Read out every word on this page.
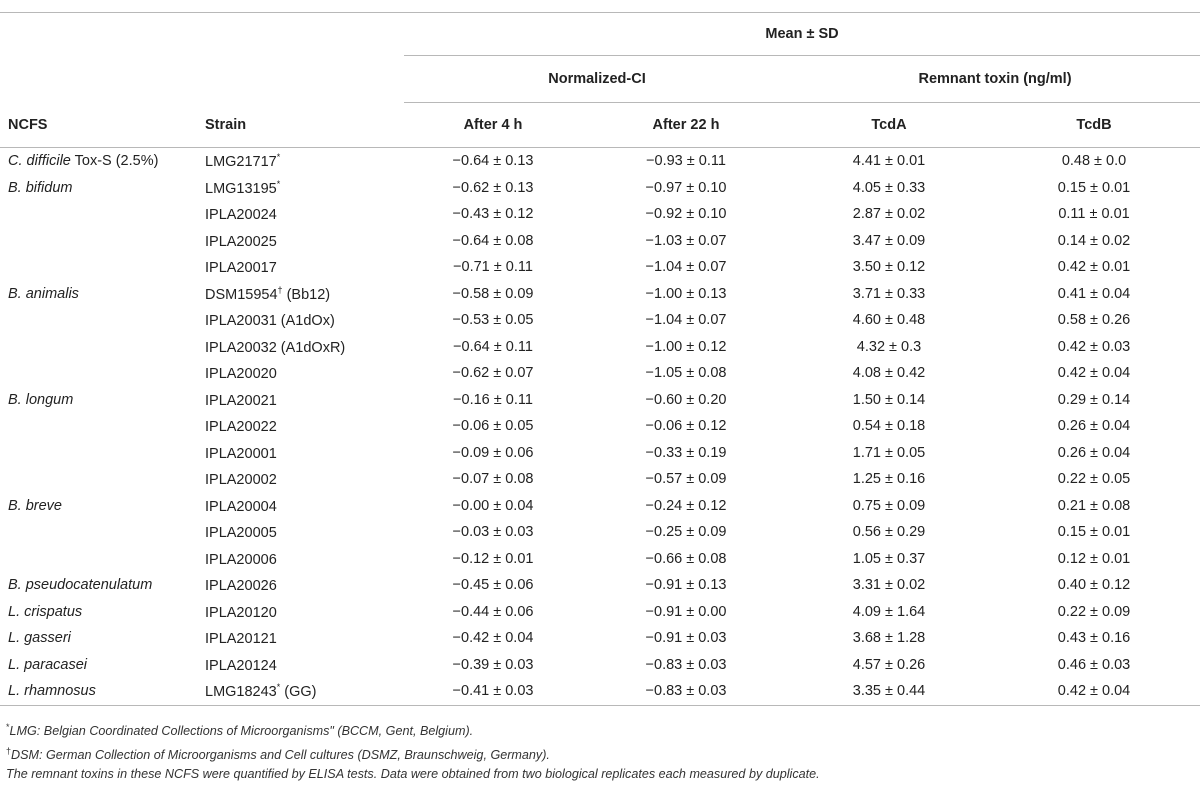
		Mean ± SD			
		Normalized-CI		Remnant toxin (ng/ml)	
NCFS	Strain	After 4 h	After 22 h	TcdA	TcdB
C. difficile Tox-S (2.5%)	LMG21717*	−0.64 ± 0.13	−0.93 ± 0.11	4.41 ± 0.01	0.48 ± 0.0
B. bifidum	LMG13195*	−0.62 ± 0.13	−0.97 ± 0.10	4.05 ± 0.33	0.15 ± 0.01
	IPLA20024	−0.43 ± 0.12	−0.92 ± 0.10	2.87 ± 0.02	0.11 ± 0.01
	IPLA20025	−0.64 ± 0.08	−1.03 ± 0.07	3.47 ± 0.09	0.14 ± 0.02
	IPLA20017	−0.71 ± 0.11	−1.04 ± 0.07	3.50 ± 0.12	0.42 ± 0.01
B. animalis	DSM15954† (Bb12)	−0.58 ± 0.09	−1.00 ± 0.13	3.71 ± 0.33	0.41 ± 0.04
	IPLA20031 (A1dOx)	−0.53 ± 0.05	−1.04 ± 0.07	4.60 ± 0.48	0.58 ± 0.26
	IPLA20032 (A1dOxR)	−0.64 ± 0.11	−1.00 ± 0.12	4.32 ± 0.3	0.42 ± 0.03
	IPLA20020	−0.62 ± 0.07	−1.05 ± 0.08	4.08 ± 0.42	0.42 ± 0.04
B. longum	IPLA20021	−0.16 ± 0.11	−0.60 ± 0.20	1.50 ± 0.14	0.29 ± 0.14
	IPLA20022	−0.06 ± 0.05	−0.06 ± 0.12	0.54 ± 0.18	0.26 ± 0.04
	IPLA20001	−0.09 ± 0.06	−0.33 ± 0.19	1.71 ± 0.05	0.26 ± 0.04
	IPLA20002	−0.07 ± 0.08	−0.57 ± 0.09	1.25 ± 0.16	0.22 ± 0.05
B. breve	IPLA20004	−0.00 ± 0.04	−0.24 ± 0.12	0.75 ± 0.09	0.21 ± 0.08
	IPLA20005	−0.03 ± 0.03	−0.25 ± 0.09	0.56 ± 0.29	0.15 ± 0.01
	IPLA20006	−0.12 ± 0.01	−0.66 ± 0.08	1.05 ± 0.37	0.12 ± 0.01
B. pseudocatenulatum	IPLA20026	−0.45 ± 0.06	−0.91 ± 0.13	3.31 ± 0.02	0.40 ± 0.12
L. crispatus	IPLA20120	−0.44 ± 0.06	−0.91 ± 0.00	4.09 ± 1.64	0.22 ± 0.09
L. gasseri	IPLA20121	−0.42 ± 0.04	−0.91 ± 0.03	3.68 ± 1.28	0.43 ± 0.16
L. paracasei	IPLA20124	−0.39 ± 0.03	−0.83 ± 0.03	4.57 ± 0.26	0.46 ± 0.03
L. rhamnosus	LMG18243* (GG)	−0.41 ± 0.03	−0.83 ± 0.03	3.35 ± 0.44	0.42 ± 0.04
*LMG: Belgian Coordinated Collections of Microorganisms" (BCCM, Gent, Belgium).
†DSM: German Collection of Microorganisms and Cell cultures (DSMZ, Braunschweig, Germany).
The remnant toxins in these NCFS were quantified by ELISA tests. Data were obtained from two biological replicates each measured by duplicate.
